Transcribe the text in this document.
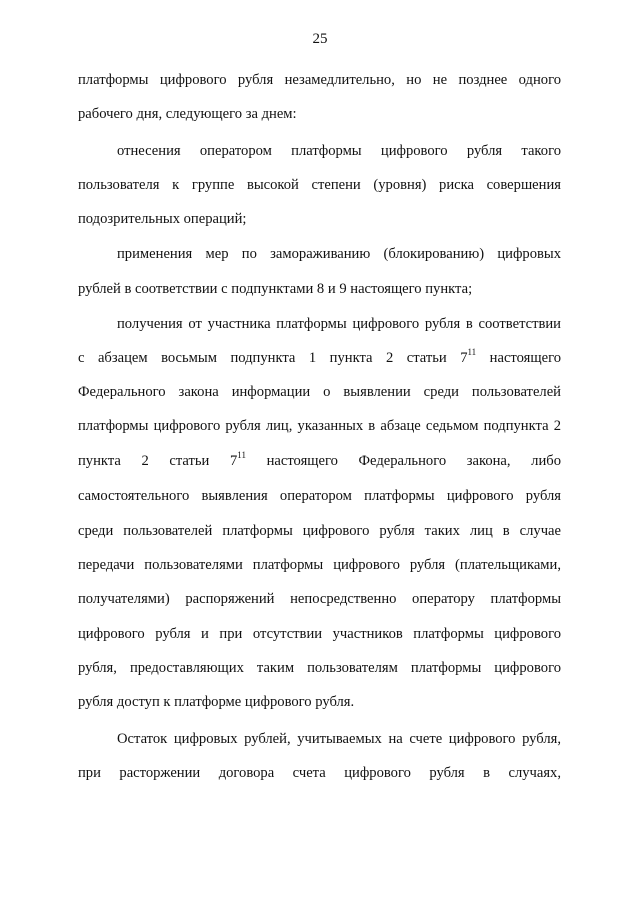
25
платформы цифрового рубля незамедлительно, но не позднее одного
рабочего дня, следующего за днем:
отнесения оператором платформы цифрового рубля такого
пользователя к группе высокой степени (уровня) риска совершения
подозрительных операций;
применения мер по замораживанию (блокированию) цифровых
рублей в соответствии с подпунктами 8 и 9 настоящего пункта;
получения от участника платформы цифрового рубля в соответствии
с абзацем восьмым подпункта 1 пункта 2 статьи $7^{11}$ настоящего
Федерального закона информации о выявлении среди пользователей
платформы цифрового рубля лиц, указанных в абзаце седьмом подпункта 2
пункта 2 статьи $7^{11}$ настоящего Федерального закона, либо
самостоятельного выявления оператором платформы цифрового рубля
среди пользователей платформы цифрового рубля таких лиц в случае
передачи пользователями платформы цифрового рубля (плательщиками,
получателями) распоряжений непосредственно оператору платформы
цифрового рубля и при отсутствии участников платформы цифрового
рубля, предоставляющих таким пользователям платформы цифрового
рубля доступ к платформе цифрового рубля.
Остаток цифровых рублей, учитываемых на счете цифрового рубля,
при расторжении договора счета цифрового рубля в случаях,
